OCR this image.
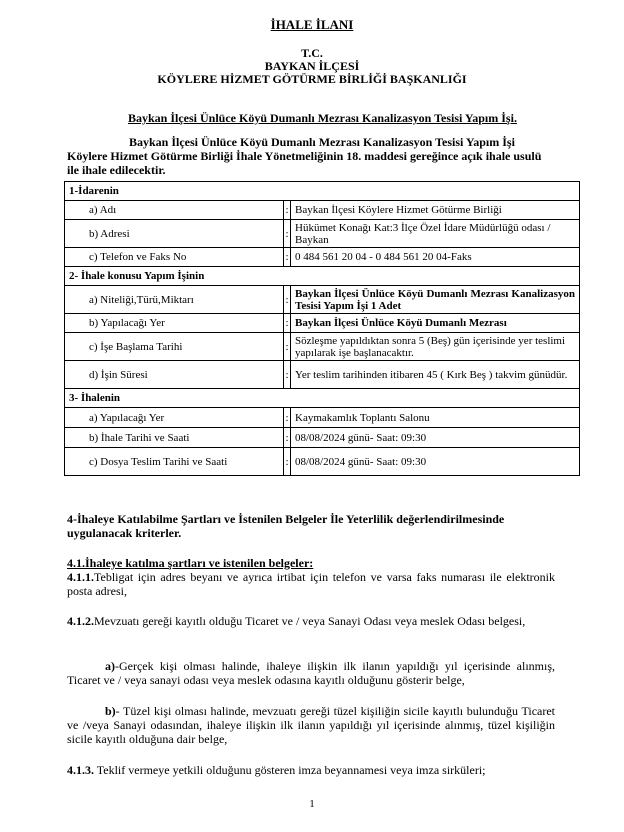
İHALE İLANI
T.C.
BAYKAN İLÇESİ
KÖYLERE HİZMET GÖTÜRME BİRLİĞİ BAŞKANLIĞI
Baykan İlçesi Ünlüce Köyü Dumanlı Mezrası Kanalizasyon Tesisi Yapım İşi.
Baykan İlçesi Ünlüce Köyü Dumanlı Mezrası Kanalizasyon Tesisi Yapım İşi
Köylere Hizmet Götürme Birliği İhale Yönetmeliğinin 18. maddesi gereğince açık ihale usulü ile ihale edilecektir.
1-İdarenin		
a) Adı	:	Baykan İlçesi Köylere Hizmet Götürme Birliği
b) Adresi	:	Hükümet Konağı Kat:3 İlçe Özel İdare Müdürlüğü odası / Baykan
c) Telefon ve Faks No	:	0 484 561 20 04 - 0 484 561 20 04-Faks
2- İhale konusu Yapım İşinin		
a) Niteliği,Türü,Miktarı	:	Baykan İlçesi Ünlüce Köyü Dumanlı Mezrası Kanalizasyon Tesisi Yapım İşi 1 Adet
b) Yapılacağı Yer	:	Baykan İlçesi Ünlüce Köyü Dumanlı Mezrası
c) İşe Başlama Tarihi	:	Sözleşme yapıldıktan sonra 5 (Beş) gün içerisinde yer teslimi yapılarak işe başlanacaktır.
d) İşin Süresi	:	Yer teslim tarihinden itibaren 45 ( Kırk Beş ) takvim günüdür.
3- İhalenin		
a) Yapılacağı Yer	:	Kaymakamlık Toplantı Salonu
b) İhale Tarihi ve Saati	:	08/08/2024 günü- Saat: 09:30
c) Dosya Teslim Tarihi ve Saati	:	08/08/2024 günü- Saat: 09:30
4-İhaleye Katılabilme Şartları ve İstenilen Belgeler İle Yeterlilik değerlendirilmesinde uygulanacak kriterler.
4.1.İhaleye katılma şartları ve istenilen belgeler:
4.1.1.Tebligat için adres beyanı ve ayrıca irtibat için telefon ve varsa faks numarası ile elektronik posta adresi,
4.1.2.Mevzuatı gereği kayıtlı olduğu Ticaret ve / veya Sanayi Odası veya meslek Odası belgesi,
a)-Gerçek kişi olması halinde, ihaleye ilişkin ilk ilanın yapıldığı yıl içerisinde alınmış, Ticaret ve / veya sanayi odası veya meslek odasına kayıtlı olduğunu gösterir belge,
b)- Tüzel kişi olması halinde, mevzuatı gereği tüzel kişiliğin sicile kayıtlı bulunduğu Ticaret ve /veya Sanayi odasından, ihaleye ilişkin ilk ilanın yapıldığı yıl içerisinde alınmış, tüzel kişiliğin sicile kayıtlı olduğuna dair belge,
4.1.3. Teklif vermeye yetkili olduğunu gösteren imza beyannamesi veya imza sirküleri;
1
